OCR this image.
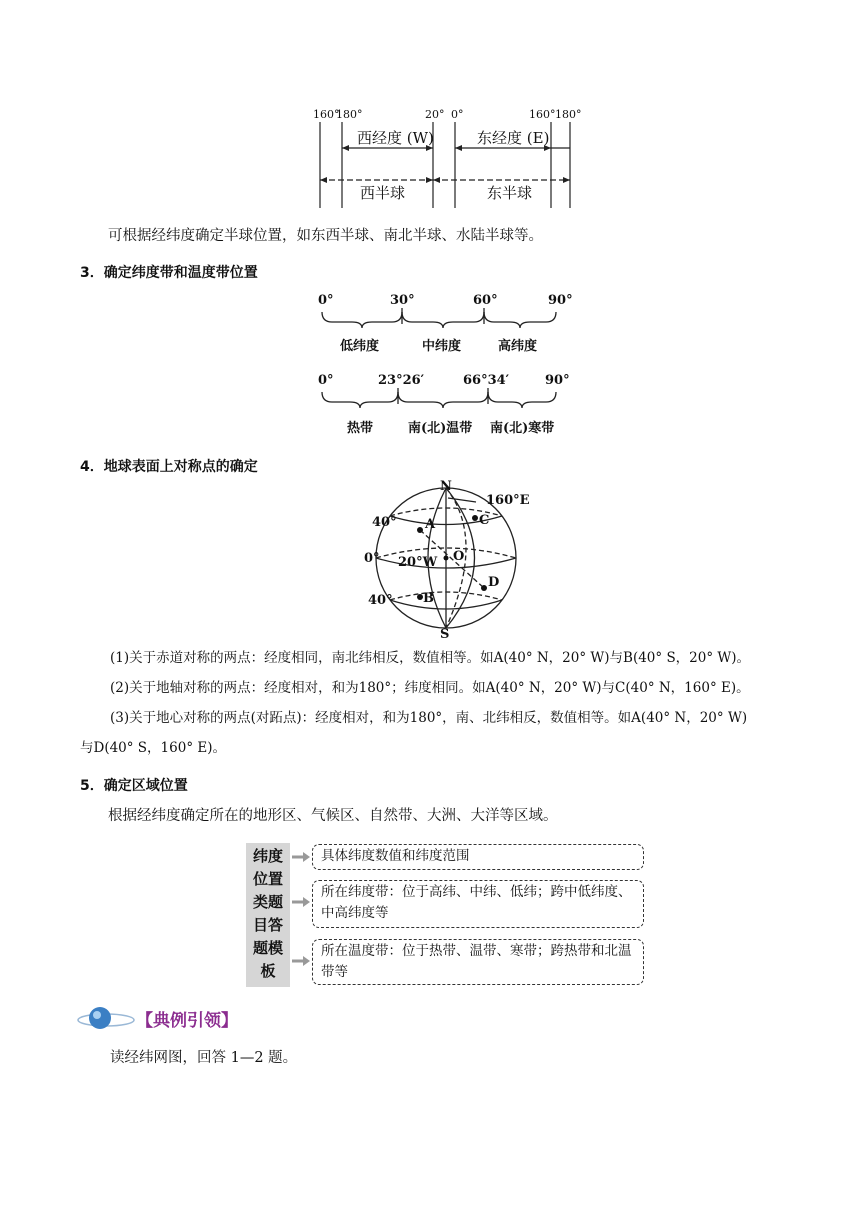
160°
180°	20° 0°	160° 180°
西经度 (W)	东经度 (E)
西半球	东半球
可根据经纬度确定半球位置，如东西半球、南北半球、水陆半球等。
3．确定纬度带和温度带位置
0°	30°	60°	90°
低纬度	中纬度	高纬度
0°	23°26′	66°34′	90°
热带	南(北)温带 南(北)寒带
4．地球表面上对称点的确定
N
S
160°E
40°
0°
40°
20°W O
A
B
C
D
(1)关于赤道对称的两点：经度相同，南北纬相反，数值相等。如A(40° N，20° W)与B(40° S，20° W)。
(2)关于地轴对称的两点：经度相对，和为180°；纬度相同。如A(40° N，20° W)与C(40° N，160° E)。
(3)关于地心对称的两点(对跖点)：经度相对，和为180°，南、北纬相反，数值相等。如A(40° N，20° W)
与D(40° S，160° E)。
5．确定区域位置
根据经纬度确定所在的地形区、气候区、自然带、大洲、大洋等区域。
纬度
位置
类题
目答
题模
板
具体纬度数值和纬度范围
所在纬度带：位于高纬、中纬、低纬；跨中低纬度、中高纬度等
所在温度带：位于热带、温带、寒带；跨热带和北温带等
【典例引领】
读经纬网图，回答 1—2 题。
